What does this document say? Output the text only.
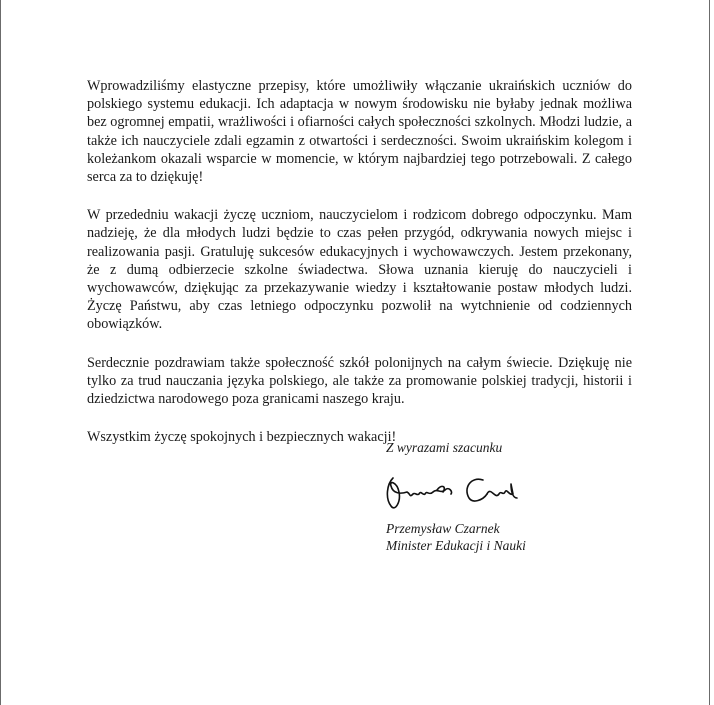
Wprowadziliśmy elastyczne przepisy, które umożliwiły włączanie ukraińskich uczniów do polskiego systemu edukacji. Ich adaptacja w nowym środowisku nie byłaby jednak możliwa bez ogromnej empatii, wrażliwości i ofiarności całych społeczności szkolnych. Młodzi ludzie, a także ich nauczyciele zdali egzamin z otwartości i serdeczności. Swoim ukraińskim kolegom i koleżankom okazali wsparcie w momencie, w którym najbardziej tego potrzebowali. Z całego serca za to dziękuję!

W przededniu wakacji życzę uczniom, nauczycielom i rodzicom dobrego odpoczynku. Mam nadzieję, że dla młodych ludzi będzie to czas pełen przygód, odkrywania nowych miejsc i realizowania pasji. Gratuluję sukcesów edukacyjnych i wychowawczych. Jestem przekonany, że z dumą odbierzecie szkolne świadectwa. Słowa uznania kieruję do nauczycieli i wychowawców, dziękując za przekazywanie wiedzy i kształtowanie postaw młodych ludzi. Życzę Państwu, aby czas letniego odpoczynku pozwolił na wytchnienie od codziennych obowiązków.

Serdecznie pozdrawiam także społeczność szkół polonijnych na całym świecie. Dziękuję nie tylko za trud nauczania języka polskiego, ale także za promowanie polskiej tradycji, historii i dziedzictwa narodowego poza granicami naszego kraju.

Wszystkim życzę spokojnych i bezpiecznych wakacji!

Z wyrazami szacunku
Przemysław Czarnek
Minister Edukacji i Nauki
